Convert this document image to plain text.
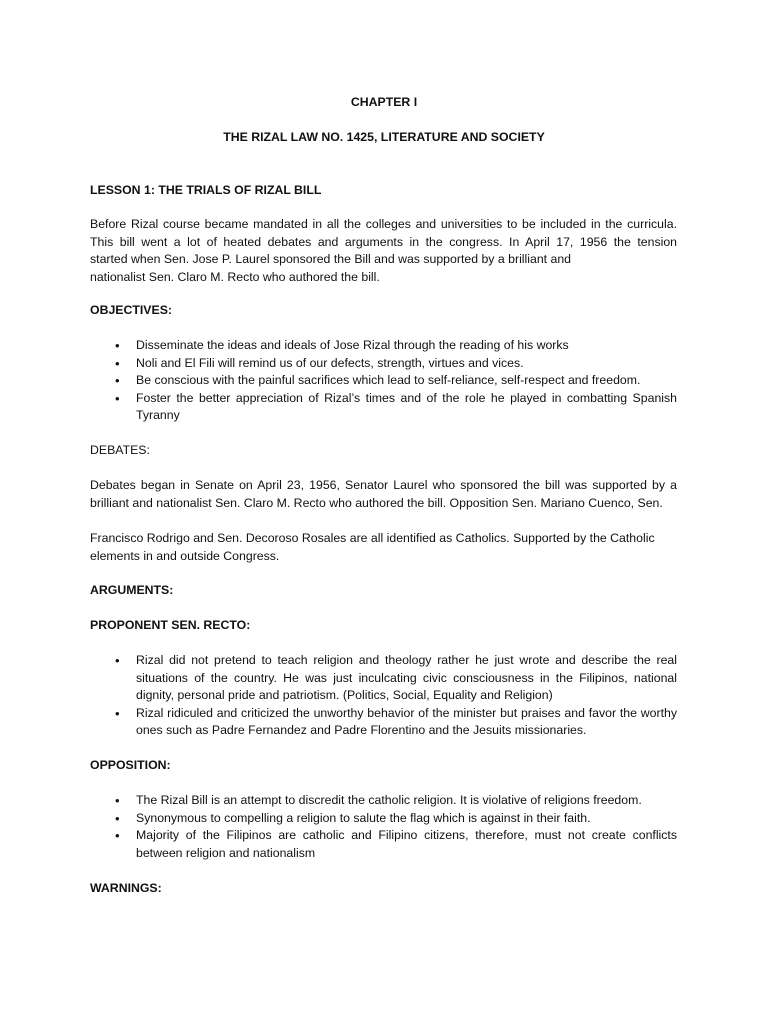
CHAPTER I

THE RIZAL LAW NO. 1425, LITERATURE AND SOCIETY

LESSON 1: THE TRIALS OF RIZAL BILL

Before Rizal course became mandated in all the colleges and universities to be included in the curricula.
This bill went a lot of heated debates and arguments in the congress. In April 17, 1956 the tension
started when Sen. Jose P. Laurel sponsored the Bill and was supported by a brilliant and
nationalist Sen. Claro M. Recto who authored the bill.

OBJECTIVES:

• Disseminate the ideas and ideals of Jose Rizal through the reading of his works
• Noli and El Fili will remind us of our defects, strength, virtues and vices.
• Be conscious with the painful sacrifices which lead to self-reliance, self-respect and freedom.
• Foster the better appreciation of Rizal’s times and of the role he played in combatting Spanish Tyranny

DEBATES:

Debates began in Senate on April 23, 1956, Senator Laurel who sponsored the bill was supported by a brilliant and nationalist Sen. Claro M. Recto who authored the bill. Opposition Sen. Mariano Cuenco, Sen.

Francisco Rodrigo and Sen. Decoroso Rosales are all identified as Catholics. Supported by the Catholic elements in and outside Congress.

ARGUMENTS:

PROPONENT SEN. RECTO:

• Rizal did not pretend to teach religion and theology rather he just wrote and describe the real situations of the country. He was just inculcating civic consciousness in the Filipinos, national dignity, personal pride and patriotism. (Politics, Social, Equality and Religion)
• Rizal ridiculed and criticized the unworthy behavior of the minister but praises and favor the worthy ones such as Padre Fernandez and Padre Florentino and the Jesuits missionaries.

OPPOSITION:

• The Rizal Bill is an attempt to discredit the catholic religion. It is violative of religions freedom.
• Synonymous to compelling a religion to salute the flag which is against in their faith.
• Majority of the Filipinos are catholic and Filipino citizens, therefore, must not create conflicts between religion and nationalism

WARNINGS:
